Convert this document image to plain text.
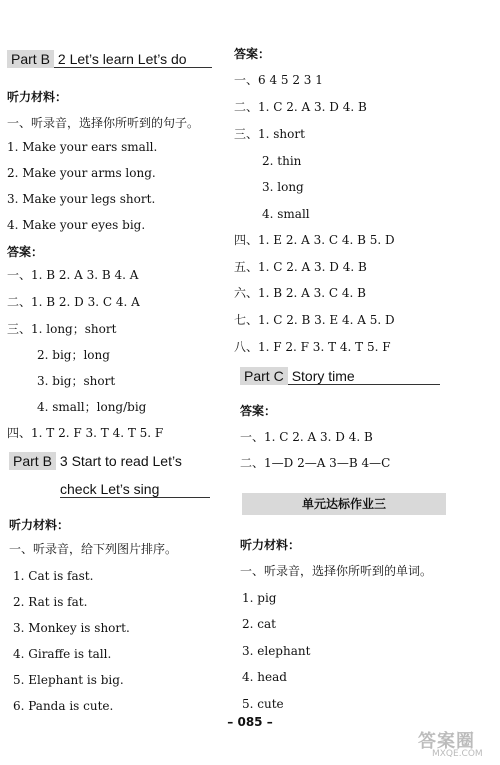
Part B 2 Let’s learn Let’s do
听力材料：
一、听录音，选择你所听到的句子。
1. Make your ears small.
2. Make your arms long.
3. Make your legs short.
4. Make your eyes big.
答案：
一、1. B 2. A 3. B 4. A
二、1. B 2. D 3. C 4. A
三、1. long；short
2. big；long
3. big；short
4. small；long/big
四、1. T 2. F 3. T 4. T 5. F
Part B 3 Start to read Let’s
check Let’s sing
听力材料：
一、听录音，给下列图片排序。
1. Cat is fast.
2. Rat is fat.
3. Monkey is short.
4. Giraffe is tall.
5. Elephant is big.
6. Panda is cute.
答案：
一、6 4 5 2 3 1
二、1. C 2. A 3. D 4. B
三、1. short
2. thin
3. long
4. small
四、1. E 2. A 3. C 4. B 5. D
五、1. C 2. A 3. D 4. B
六、1. B 2. A 3. C 4. B
七、1. C 2. B 3. E 4. A 5. D
八、1. F 2. F 3. T 4. T 5. F
Part C Story time
答案：
一、1. C 2. A 3. D 4. B
二、1—D 2—A 3—B 4—C
单元达标作业三
听力材料：
一、听录音，选择你所听到的单词。
1. pig
2. cat
3. elephant
4. head
5. cute
– 085 –
答案圈
MXQE.COM
